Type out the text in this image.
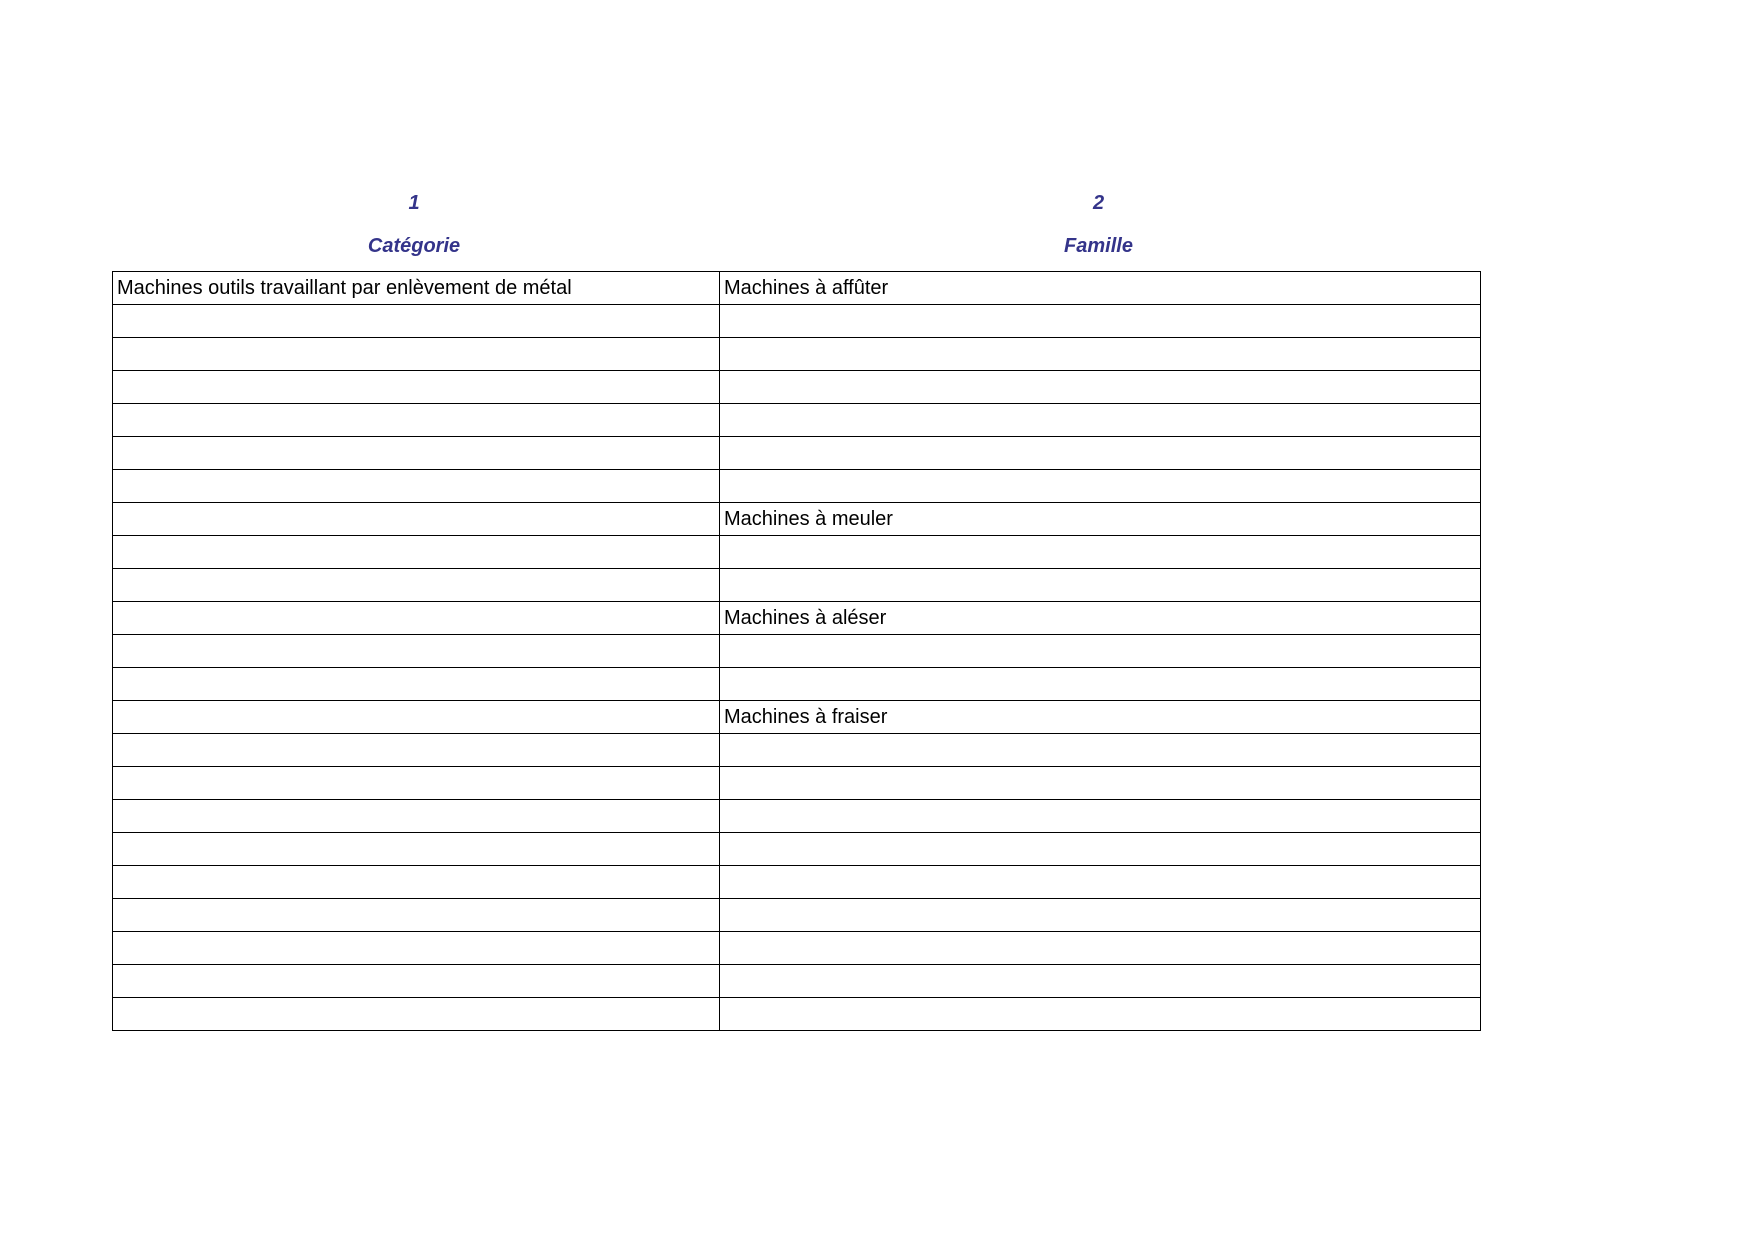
1
Catégorie
2
Famille
Machines outils travaillant par enlèvement de métal	Machines à affûter

	Machines à meuler

	Machines à aléser

	Machines à fraiser
